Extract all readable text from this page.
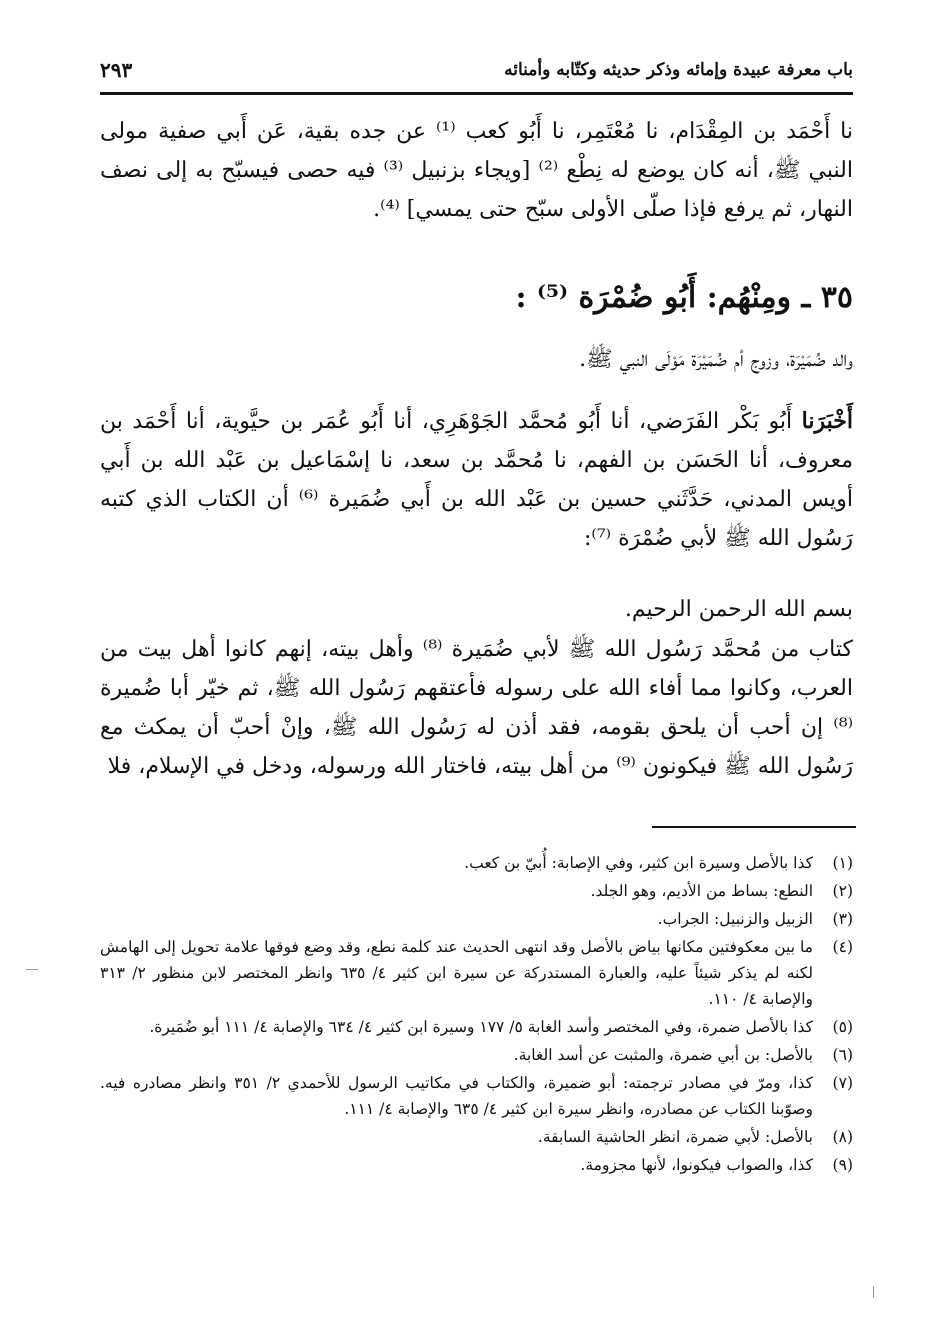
باب معرفة عبيدة وإمائه وذكر حديثه وكتّابه وأمنائه
٢٩٣
نا أَحْمَد بن المِقْدَام، نا مُعْتَمِر، نا أَبُو كعب ⁽¹⁾ عن جده بقية، عَن أَبي صفية مولى النبي ﷺ، أنه كان يوضع له نِطْع ⁽²⁾ [ويجاء بزنبيل ⁽³⁾ فيه حصى فيسبّح به إلى نصف النهار، ثم يرفع فإذا صلّى الأولى سبّح حتى يمسي] ⁽⁴⁾.
٣٥ ـ ومِنْهُم: أَبُو ضُمْرَة ⁽⁵⁾ :
والد ضُمَيْرَة، وزوج أم ضُمَيْرَة مَوْلَى النبي ﷺ.
أَخْبَرَنا أَبُو بَكْر الفَرَضي، أنا أَبُو مُحمَّد الجَوْهَرِي، أنا أَبُو عُمَر بن حيَّوية، أنا أَحْمَد بن معروف، أنا الحَسَن بن الفهم، نا مُحمَّد بن سعد، نا إسْمَاعيل بن عَبْد الله بن أَبي أويس المدني، حَدَّثَني حسين بن عَبْد الله بن أَبي ضُمَيرة ⁽⁶⁾ أن الكتاب الذي كتبه رَسُول الله ﷺ لأبي ضُمْرَة ⁽⁷⁾:
بسم الله الرحمن الرحيم.
كتاب من مُحمَّد رَسُول الله ﷺ لأبي ضُمَيرة ⁽⁸⁾ وأهل بيته، إنهم كانوا أهل بيت من العرب، وكانوا مما أفاء الله على رسوله فأعتقهم رَسُول الله ﷺ، ثم خيّر أبا ضُميرة ⁽⁸⁾ إن أحب أن يلحق بقومه، فقد أذن له رَسُول الله ﷺ، وإنْ أحبّ أن يمكث مع رَسُول الله ﷺ فيكونون ⁽⁹⁾ من أهل بيته، فاختار الله ورسوله، ودخل في الإسلام، فلا
(١)
كذا بالأصل وسيرة ابن كثير، وفي الإصابة: أُبيّ بن كعب.
(٢)
النطع: بساط من الأديم، وهو الجلد.
(٣)
الزبيل والزنبيل: الجراب.
(٤)
ما بين معكوفتين مكانها بياض بالأصل وقد انتهى الحديث عند كلمة نطع، وقد وضع فوقها علامة تحويل إلى الهامش لكنه لم يذكر شيئاً عليه، والعبارة المستدركة عن سيرة ابن كثير ٤/ ٦٣٥ وانظر المختصر لابن منظور ٢/ ٣١٣ والإصابة ٤/ ١١٠.
(٥)
كذا بالأصل ضمرة، وفي المختصر وأسد الغابة ٥/ ١٧٧ وسيرة ابن كثير ٤/ ٦٣٤ والإصابة ٤/ ١١١ أبو ضُمَيرة.
(٦)
بالأصل: بن أبي ضمرة، والمثبت عن أسد الغابة.
(٧)
كذا، ومرّ في مصادر ترجمته: أبو ضميرة، والكتاب في مكاتيب الرسول للأحمدي ٢/ ٣٥١ وانظر مصادره فيه. وصوّبنا الكتاب عن مصادره، وانظر سيرة ابن كثير ٤/ ٦٣٥ والإصابة ٤/ ١١١.
(٨)
بالأصل: لأبي ضمرة، انظر الحاشية السابقة.
(٩)
كذا، والصواب فيكونوا، لأنها مجزومة.
